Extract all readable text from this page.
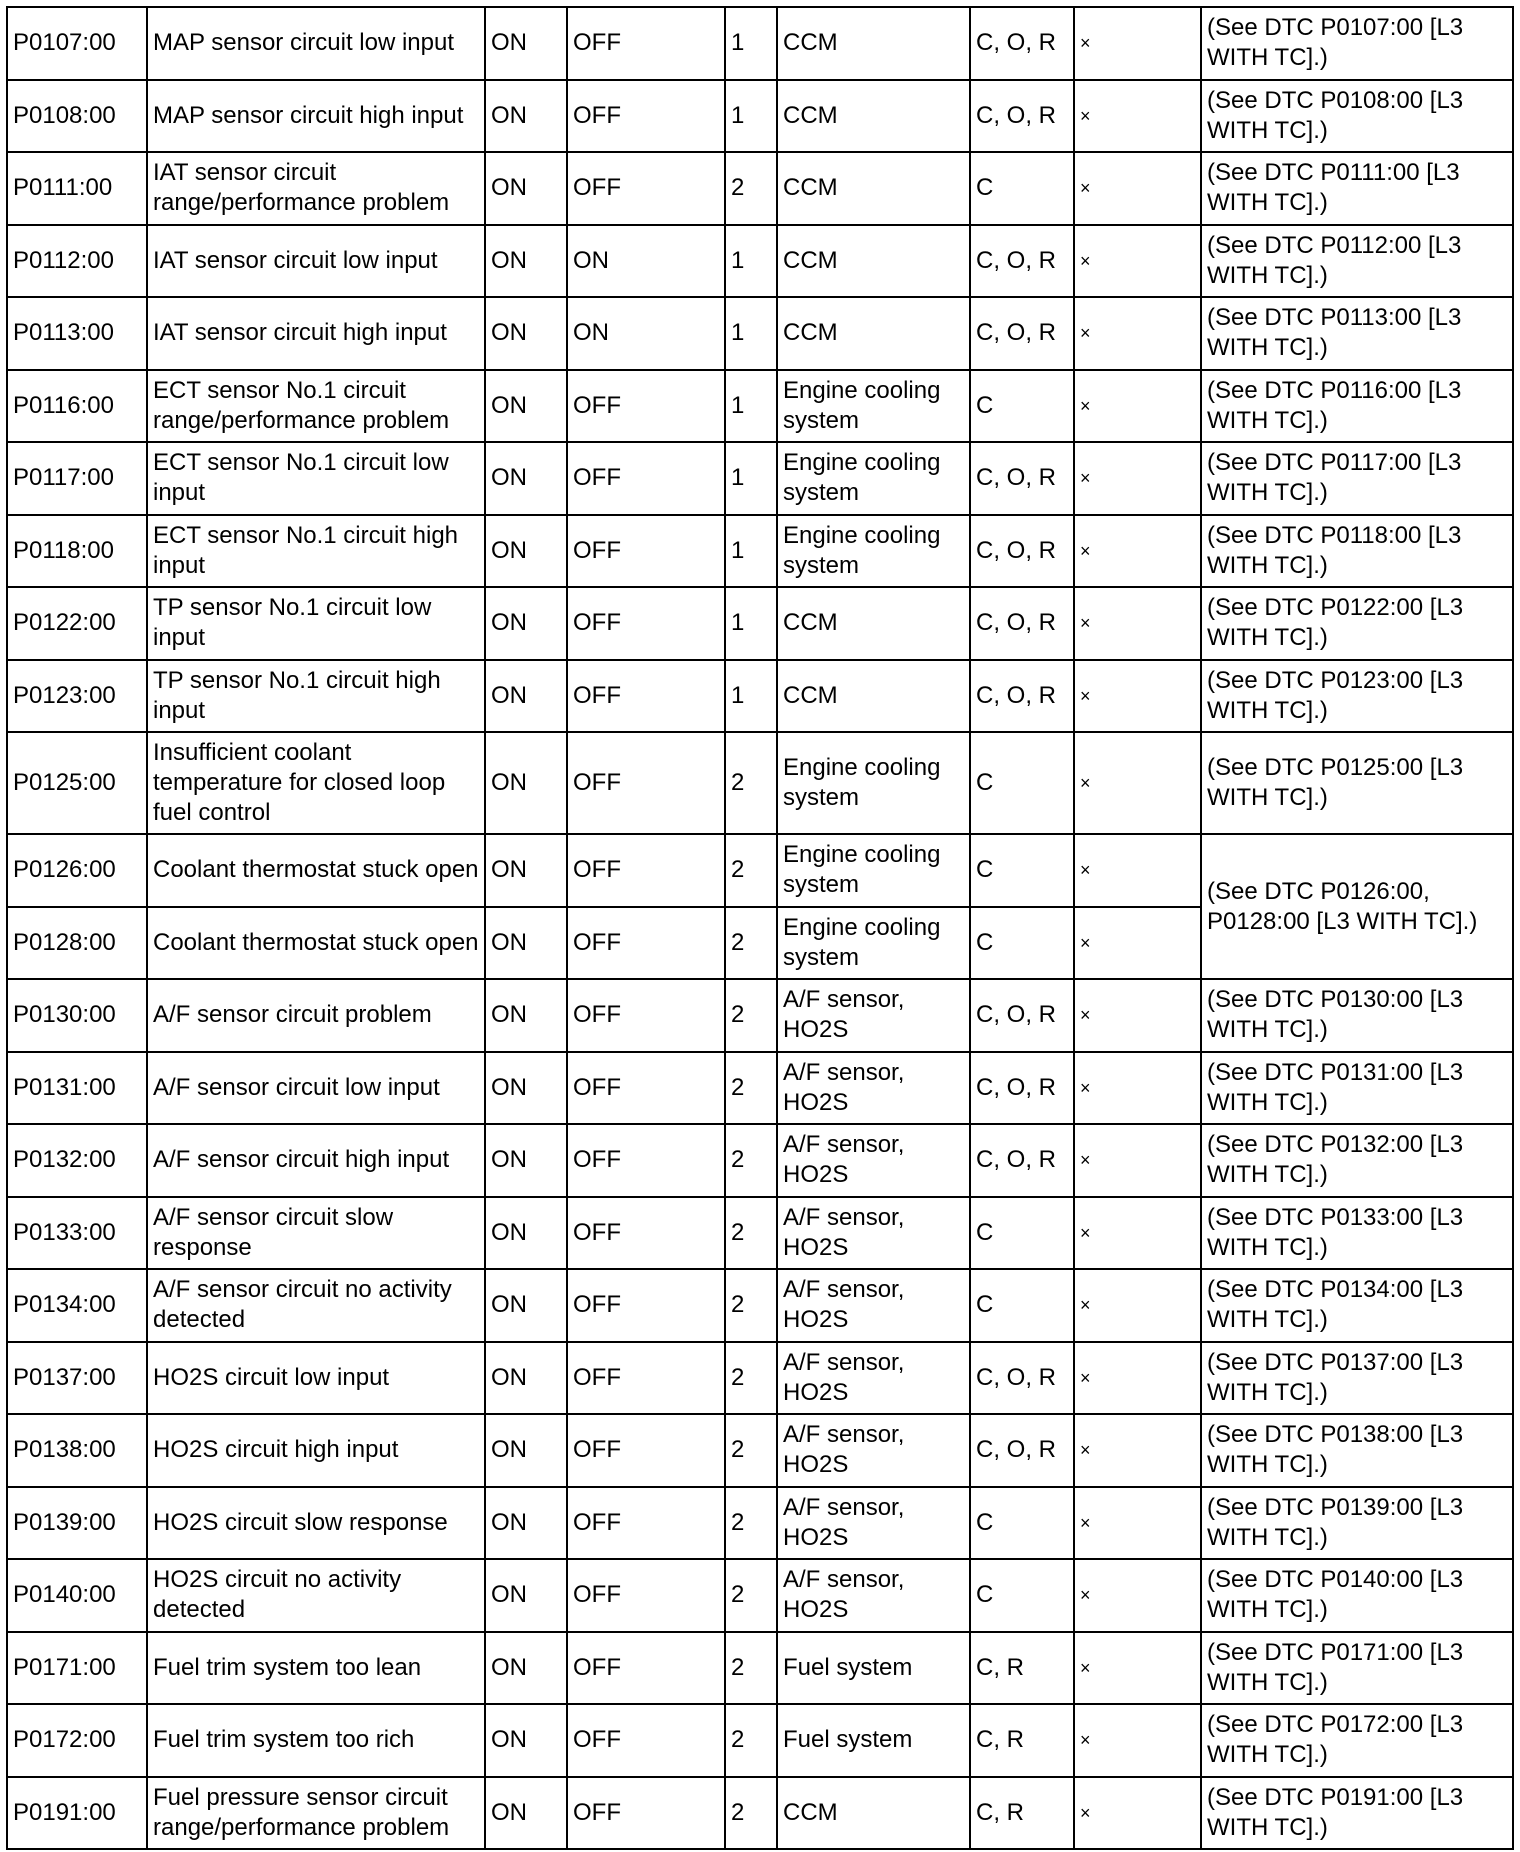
P0107:00	MAP sensor circuit low input	ON	OFF	1	CCM	C, O, R	×	(See DTC P0107:00 [L3 WITH TC].)
P0108:00	MAP sensor circuit high input	ON	OFF	1	CCM	C, O, R	×	(See DTC P0108:00 [L3 WITH TC].)
P0111:00	IAT sensor circuit range/performance problem	ON	OFF	2	CCM	C	×	(See DTC P0111:00 [L3 WITH TC].)
P0112:00	IAT sensor circuit low input	ON	ON	1	CCM	C, O, R	×	(See DTC P0112:00 [L3 WITH TC].)
P0113:00	IAT sensor circuit high input	ON	ON	1	CCM	C, O, R	×	(See DTC P0113:00 [L3 WITH TC].)
P0116:00	ECT sensor No.1 circuit range/performance problem	ON	OFF	1	Engine cooling system	C	×	(See DTC P0116:00 [L3 WITH TC].)
P0117:00	ECT sensor No.1 circuit low input	ON	OFF	1	Engine cooling system	C, O, R	×	(See DTC P0117:00 [L3 WITH TC].)
P0118:00	ECT sensor No.1 circuit high input	ON	OFF	1	Engine cooling system	C, O, R	×	(See DTC P0118:00 [L3 WITH TC].)
P0122:00	TP sensor No.1 circuit low input	ON	OFF	1	CCM	C, O, R	×	(See DTC P0122:00 [L3 WITH TC].)
P0123:00	TP sensor No.1 circuit high input	ON	OFF	1	CCM	C, O, R	×	(See DTC P0123:00 [L3 WITH TC].)
P0125:00	Insufficient coolant temperature for closed loop fuel control	ON	OFF	2	Engine cooling system	C	×	(See DTC P0125:00 [L3 WITH TC].)
P0126:00	Coolant thermostat stuck open	ON	OFF	2	Engine cooling system	C	×	(See DTC P0126:00, P0128:00 [L3 WITH TC].)
P0128:00	Coolant thermostat stuck open	ON	OFF	2	Engine cooling system	C	×	
P0130:00	A/F sensor circuit problem	ON	OFF	2	A/F sensor, HO2S	C, O, R	×	(See DTC P0130:00 [L3 WITH TC].)
P0131:00	A/F sensor circuit low input	ON	OFF	2	A/F sensor, HO2S	C, O, R	×	(See DTC P0131:00 [L3 WITH TC].)
P0132:00	A/F sensor circuit high input	ON	OFF	2	A/F sensor, HO2S	C, O, R	×	(See DTC P0132:00 [L3 WITH TC].)
P0133:00	A/F sensor circuit slow response	ON	OFF	2	A/F sensor, HO2S	C	×	(See DTC P0133:00 [L3 WITH TC].)
P0134:00	A/F sensor circuit no activity detected	ON	OFF	2	A/F sensor, HO2S	C	×	(See DTC P0134:00 [L3 WITH TC].)
P0137:00	HO2S circuit low input	ON	OFF	2	A/F sensor, HO2S	C, O, R	×	(See DTC P0137:00 [L3 WITH TC].)
P0138:00	HO2S circuit high input	ON	OFF	2	A/F sensor, HO2S	C, O, R	×	(See DTC P0138:00 [L3 WITH TC].)
P0139:00	HO2S circuit slow response	ON	OFF	2	A/F sensor, HO2S	C	×	(See DTC P0139:00 [L3 WITH TC].)
P0140:00	HO2S circuit no activity detected	ON	OFF	2	A/F sensor, HO2S	C	×	(See DTC P0140:00 [L3 WITH TC].)
P0171:00	Fuel trim system too lean	ON	OFF	2	Fuel system	C, R	×	(See DTC P0171:00 [L3 WITH TC].)
P0172:00	Fuel trim system too rich	ON	OFF	2	Fuel system	C, R	×	(See DTC P0172:00 [L3 WITH TC].)
P0191:00	Fuel pressure sensor circuit range/performance problem	ON	OFF	2	CCM	C, R	×	(See DTC P0191:00 [L3 WITH TC].)
